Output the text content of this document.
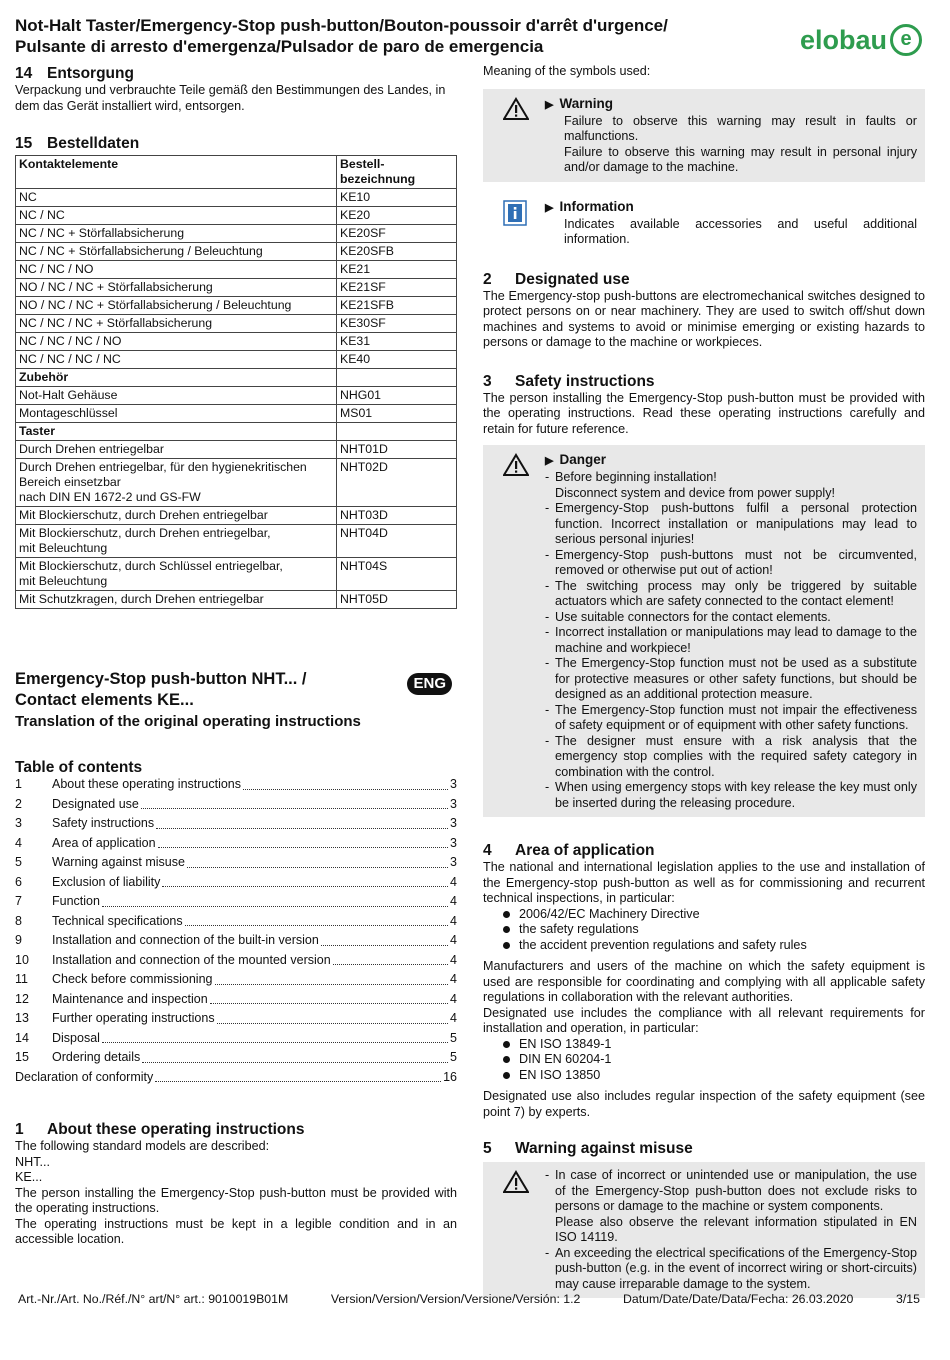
Not-Halt Taster/Emergency-Stop push-button/Bouton-poussoir d'arrêt d'urgence/
Pulsante di arresto d'emergenza/Pulsador de paro de emergencia	elobau e
14 Entsorgung

Verpackung und verbrauchte Teile gemäß den Bestimmungen des Landes, in dem das Gerät installiert wird, entsorgen.

15 Bestelldaten
Kontaktelemente	Bestell-
bezeichnung
NC	KE10
NC / NC	KE20
NC / NC + Störfallabsicherung	KE20SF
NC / NC + Störfallabsicherung / Beleuchtung	KE20SFB
NC / NC / NO	KE21
NO / NC / NC + Störfallabsicherung	KE21SF
NO / NC / NC + Störfallabsicherung / Beleuchtung	KE21SFB
NC / NC / NC + Störfallabsicherung	KE30SF
NC / NC / NC / NO	KE31
NC / NC / NC / NC	KE40
Zubehör	
Not-Halt Gehäuse	NHG01
Montageschlüssel	MS01
Taster	
Durch Drehen entriegelbar	NHT01D
Durch Drehen entriegelbar, für den hygienekritischen
Bereich einsetzbar
nach DIN EN 1672-2 und GS-FW	NHT02D
Mit Blockierschutz, durch Drehen entriegelbar	NHT03D
Mit Blockierschutz, durch Drehen entriegelbar,
mit Beleuchtung	NHT04D
Mit Blockierschutz, durch Schlüssel entriegelbar,
mit Beleuchtung	NHT04S
Mit Schutzkragen, durch Drehen entriegelbar	NHT05D
Emergency-Stop push-button NHT... /
Contact elements KE...
Translation of the original operating instructions
ENG
Table of contents
1	About these operating instructions	3
2	Designated use	3
3	Safety instructions	3
4	Area of application	3
5	Warning against misuse	3
6	Exclusion of liability	4
7	Function	4
8	Technical specifications	4
9	Installation and connection of the built-in version	4
10	Installation and connection of the mounted version	4
11	Check before commissioning	4
12	Maintenance and inspection	4
13	Further operating instructions	4
14	Disposal	5
15	Ordering details	5
Declaration of conformity	16
1 About these operating instructions

The following standard models are described:

NHT...

KE...

The person installing the Emergency-Stop push-button must be provided with the operating instructions.

The operating instructions must be kept in a legible condition and in an accessible location.

Meaning of the symbols used:

▶ Warning
Failure to observe this warning may result in faults or malfunctions.
Failure to observe this warning may result in personal injury and/or damage to the machine.
▶ Information
Indicates available accessories and useful additional information.
2 Designated use

The Emergency-stop push-buttons are electromechanical switches designed to protect persons on or near machinery. They are used to switch off/shut down machines and systems to avoid or minimise emerging or existing hazards to persons or damage to the machine or workpieces.

3 Safety instructions

The person installing the Emergency-Stop push-button must be provided with the operating instructions. Read these operating instructions carefully and retain for future reference.

▶ Danger
- Before beginning installation!
Disconnect system and device from power supply!
- Emergency-Stop push-buttons fulfil a personal protection function. Incorrect installation or manipulations may lead to serious personal injuries!
- Emergency-Stop push-buttons must not be circumvented, removed or otherwise put out of action!
- The switching process may only be triggered by suitable actuators which are safety connected to the contact element!
- Use suitable connectors for the contact elements.
- Incorrect installation or manipulations may lead to damage to the machine and workpiece!
- The Emergency-Stop function must not be used as a substitute for protective measures or other safety functions, but should be designed as an additional protection measure.
- The Emergency-Stop function must not impair the effectiveness of safety equipment or of equipment with other safety functions.
- The designer must ensure with a risk analysis that the emergency stop complies with the required safety category in combination with the control.
- When using emergency stops with key release the key must only be inserted during the releasing procedure.
4 Area of application

The national and international legislation applies to the use and installation of the Emergency-stop push-button as well as for commissioning and recurrent technical inspections, in particular:

2006/42/EC Machinery Directive
the safety regulations
the accident prevention regulations and safety rules

Manufacturers and users of the machine on which the safety equipment is used are responsible for coordinating and complying with all applicable safety regulations in collaboration with the relevant authorities.

Designated use includes the compliance with all relevant requirements for installation and operation, in particular:

EN ISO 13849-1
DIN EN 60204-1
EN ISO 13850

Designated use also includes regular inspection of the safety equipment (see point 7) by experts.

5 Warning against misuse
- In case of incorrect or unintended use or manipulation, the use of the Emergency-Stop push-button does not exclude risks to persons or damage to the machine or system components.
Please also observe the relevant information stipulated in EN ISO 14119.
- An exceeding the electrical specifications of the Emergency-Stop push-button (e.g. in the event of incorrect wiring or short-circuits) may cause irreparable damage to the system.
Art.-Nr./Art. No./Réf./N° art/N° art.: 9010019B01M	Version/Version/Version/Versione/Versión: 1.2	Datum/Date/Date/Data/Fecha: 26.03.2020	3/15
